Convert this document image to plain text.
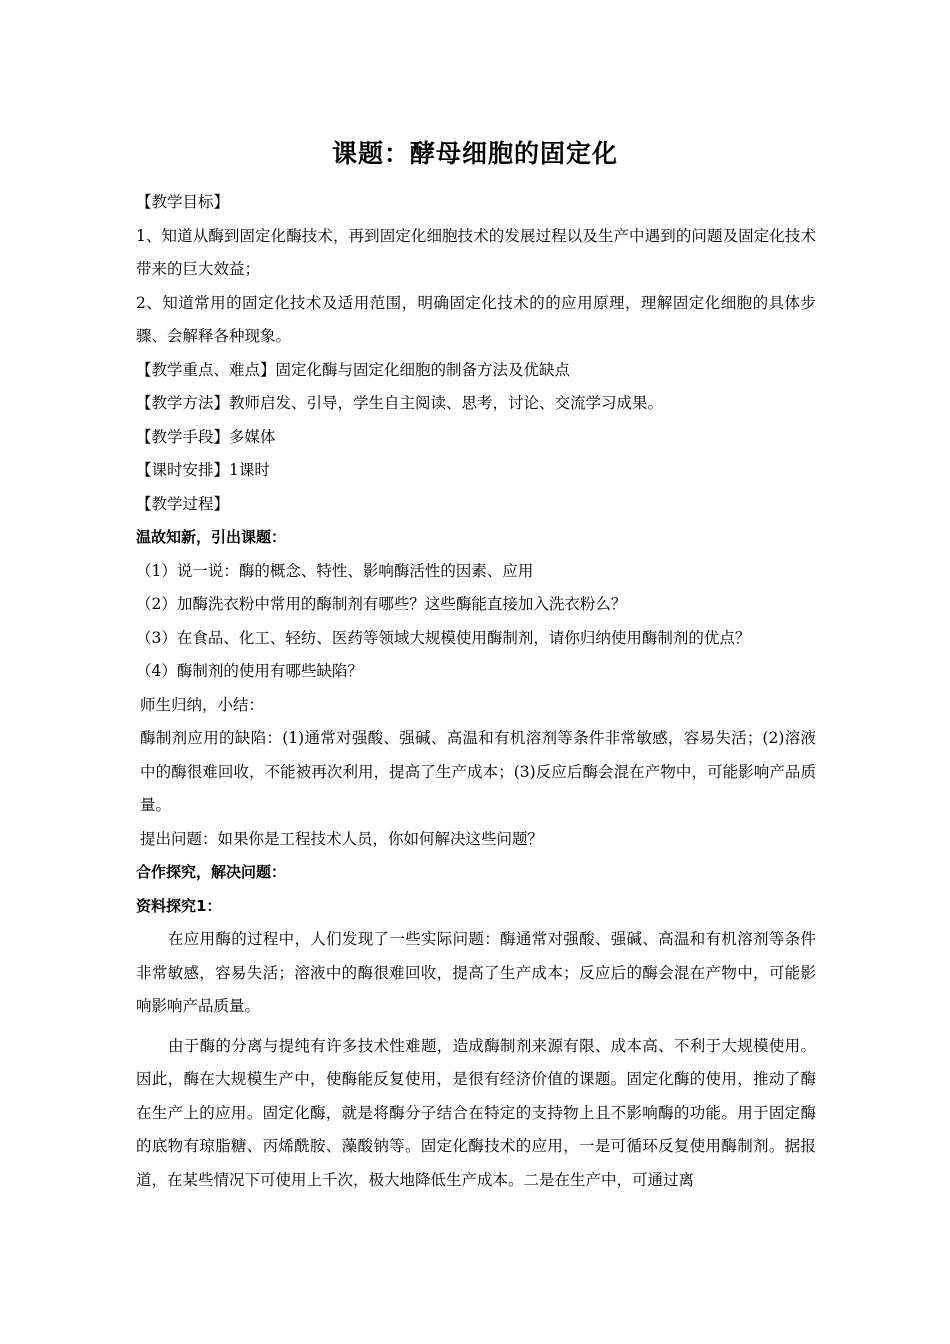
课题：酵母细胞的固定化

【教学目标】

1、知道从酶到固定化酶技术，再到固定化细胞技术的发展过程以及生产中遇到的问题及固定化技术带来的巨大效益；

2、知道常用的固定化技术及适用范围，明确固定化技术的的应用原理，理解固定化细胞的具体步骤、会解释各种现象。

【教学重点、难点】固定化酶与固定化细胞的制备方法及优缺点

【教学方法】教师启发、引导，学生自主阅读、思考，讨论、交流学习成果。

【教学手段】多媒体

【课时安排】1课时

【教学过程】

温故知新，引出课题：

（1）说一说：酶的概念、特性、影响酶活性的因素、应用

（2）加酶洗衣粉中常用的酶制剂有哪些？这些酶能直接加入洗衣粉么？

（3）在食品、化工、轻纺、医药等领域大规模使用酶制剂，请你归纳使用酶制剂的优点？

（4）酶制剂的使用有哪些缺陷？

师生归纳，小结：

酶制剂应用的缺陷：(1)通常对强酸、强碱、高温和有机溶剂等条件非常敏感，容易失活；(2)溶液中的酶很难回收，不能被再次利用，提高了生产成本；(3)反应后酶会混在产物中，可能影响产品质量。

提出问题：如果你是工程技术人员，你如何解决这些问题？

合作探究，解决问题：

资料探究1：

在应用酶的过程中，人们发现了一些实际问题：酶通常对强酸、强碱、高温和有机溶剂等条件非常敏感，容易失活；溶液中的酶很难回收，提高了生产成本；反应后的酶会混在产物中，可能影响影响产品质量。

由于酶的分离与提纯有许多技术性难题，造成酶制剂来源有限、成本高、不利于大规模使用。因此，酶在大规模生产中，使酶能反复使用，是很有经济价值的课题。固定化酶的使用，推动了酶在生产上的应用。固定化酶，就是将酶分子结合在特定的支持物上且不影响酶的功能。用于固定酶的底物有琼脂糖、丙烯酰胺、藻酸钠等。固定化酶技术的应用，一是可循环反复使用酶制剂。据报道，在某些情况下可使用上千次，极大地降低生产成本。二是在生产中，可通过离
